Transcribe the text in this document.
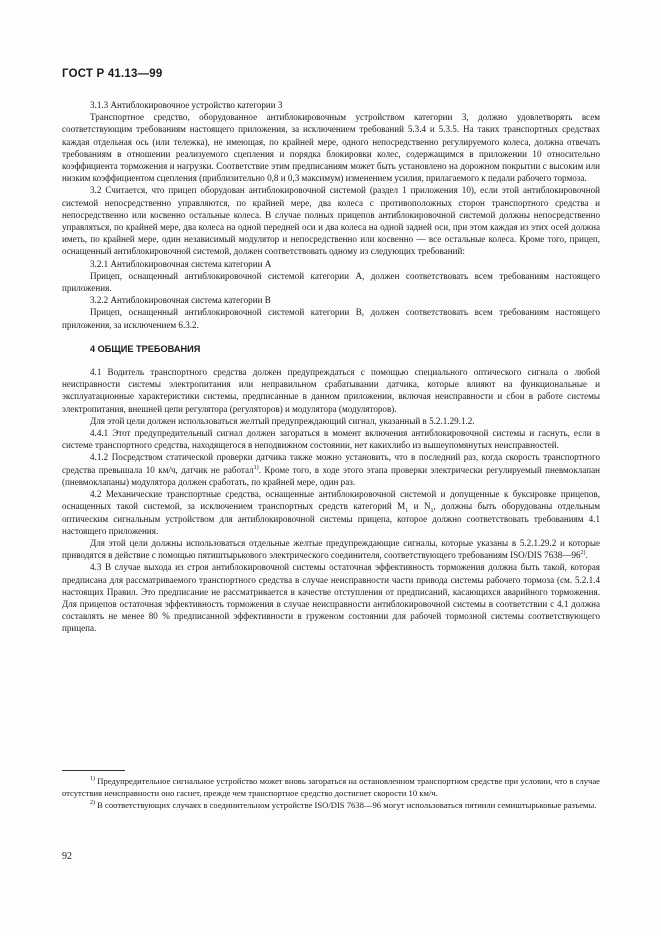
ГОСТ Р 41.13—99

3.1.3 Антиблокировочное устройство категории 3

Транспортное средство, оборудованное антиблокировочным устройством категории 3, должно удовлетворять всем соответствующим требованиям настоящего приложения, за исключением требований 5.3.4 и 5.3.5. На таких транспортных средствах каждая отдельная ось (или тележка), не имеющая, по крайней мере, одного непосредственно регулируемого колеса, должна отвечать требованиям в отношении реализуемого сцепления и порядка блокировки колес, содержащимся в приложении 10 относительно коэффициента торможения и нагрузки. Соответствие этим предписаниям может быть установлено на дорожном покрытии с высоким или низким коэффициентом сцепления (приблизительно 0,8 и 0,3 максимум) изменением усилия, прилагаемого к педали рабочего тормоза.

3.2 Считается, что прицеп оборудован антиблокировочной системой (раздел 1 приложения 10), если этой антиблокировочной системой непосредственно управляются, по крайней мере, два колеса с противоположных сторон транспортного средства и непосредственно или косвенно остальные колеса. В случае полных прицепов антиблокировочной системой должны непосредственно управляться, по крайней мере, два колеса на одной передней оси и два колеса на одной задней оси, при этом каждая из этих осей должна иметь, по крайней мере, один независимый модулятор и непосредственно или косвенно — все остальные колеса. Кроме того, прицеп, оснащенный антиблокировочной системой, должен соответствовать одному из следующих требований:

3.2.1 Антиблокировочная система категории А

Прицеп, оснащенный антиблокировочной системой категории А, должен соответствовать всем требованиям настоящего приложения.

3.2.2 Антиблокировочная система категории В

Прицеп, оснащенный антиблокировочной системой категории В, должен соответствовать всем требованиям настоящего приложения, за исключением 6.3.2.

4 ОБЩИЕ ТРЕБОВАНИЯ

4.1 Водитель транспортного средства должен предупреждаться с помощью специального оптического сигнала о любой неисправности системы электропитания или неправильном срабатывании датчика, которые влияют на функциональные и эксплуатационные характеристики системы, предписанные в данном приложении, включая неисправности и сбои в работе системы электропитания, внешней цепи регулятора (регуляторов) и модулятора (модуляторов).

Для этой цели должен использоваться желтый предупреждающий сигнал, указанный в 5.2.1.29.1.2.

4.4.1 Этот предупредительный сигнал должен загораться в момент включения антиблокировочной системы и гаснуть, если в системе транспортного средства, находящегося в неподвижном состоянии, нет какихлибо из вышеупомянутых неисправностей.

4.1.2 Посредством статической проверки датчика также можно установить, что в последний раз, когда скорость транспортного средства превышала 10 км/ч, датчик не работал$^{1)}$. Кроме того, в ходе этого этапа проверки электрически регулируемый пневмоклапан (пневмоклапаны) модулятора должен сработать, по крайней мере, один раз.

4.2 Механические транспортные средства, оснащенные антиблокировочной системой и допущенные к буксировке прицепов, оснащенных такой системой, за исключением транспортных средств категорий $M_1$ и $N_1$, должны быть оборудованы отдельным оптическим сигнальным устройством для антиблокировочной системы прицепа, которое должно соответствовать требованиям 4.1 настоящего приложения.

Для этой цели должны использоваться отдельные желтые предупреждающие сигналы, которые указаны в 5.2.1.29.2 и которые приводятся в действие с помощью пятиштырькового электрического соединителя, соответствующего требованиям ISO/DIS 7638—96$^{2)}$.

4.3 В случае выхода из строя антиблокировочной системы остаточная эффективность торможения должна быть такой, которая предписана для рассматриваемого транспортного средства в случае неисправности части привода системы рабочего тормоза (см. 5.2.1.4 настоящих Правил. Это предписание не рассматривается в качестве отступления от предписаний, касающихся аварийного торможения. Для прицепов остаточная эффективность торможения в случае неисправности антиблокировочной системы в соответствии с 4.1 должна составлять не менее 80 % предписанной эффективности в груженом состоянии для рабочей тормозной системы соответствующего прицепа.

$^{1)}$ Предупредительное сигнальное устройство может вновь загораться на остановленном транспортном средстве при условии, что в случае отсутствия неисправности оно гаснет, прежде чем транспортное средство достигнет скорости 10 км/ч.

$^{2)}$ В соответствующих случаях в соединительном устройстве ISO/DIS 7638—96 могут использоваться пятиили семиштырьковые разъемы.

92
